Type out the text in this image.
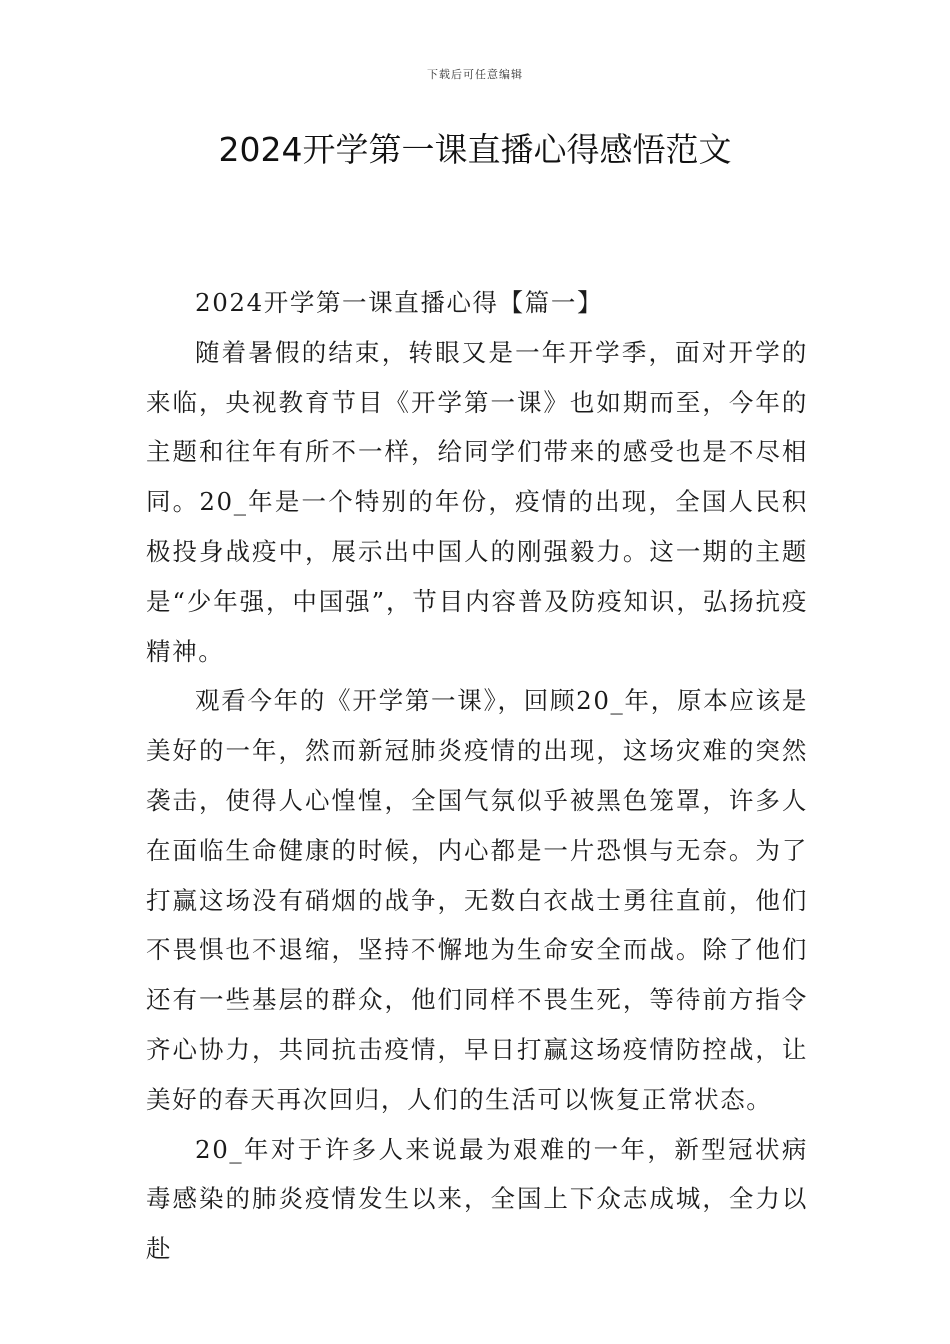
下载后可任意编辑
2024开学第一课直播心得感悟范文

2024开学第一课直播心得【篇一】

随着暑假的结束，转眼又是一年开学季，面对开学的来临，央视教育节目《开学第一课》也如期而至，今年的主题和往年有所不一样，给同学们带来的感受也是不尽相同。20_年是一个特别的年份，疫情的出现，全国人民积极投身战疫中，展示出中国人的刚强毅力。这一期的主题是“少年强，中国强”，节目内容普及防疫知识，弘扬抗疫精神。

观看今年的《开学第一课》，回顾20_年，原本应该是美好的一年，然而新冠肺炎疫情的出现，这场灾难的突然袭击，使得人心惶惶，全国气氛似乎被黑色笼罩，许多人在面临生命健康的时候，内心都是一片恐惧与无奈。为了打赢这场没有硝烟的战争，无数白衣战士勇往直前，他们不畏惧也不退缩，坚持不懈地为生命安全而战。除了他们还有一些基层的群众，他们同样不畏生死，等待前方指令齐心协力，共同抗击疫情，早日打赢这场疫情防控战，让美好的春天再次回归，人们的生活可以恢复正常状态。

20_年对于许多人来说最为艰难的一年，新型冠状病毒感染的肺炎疫情发生以来，全国上下众志成城，全力以赴
